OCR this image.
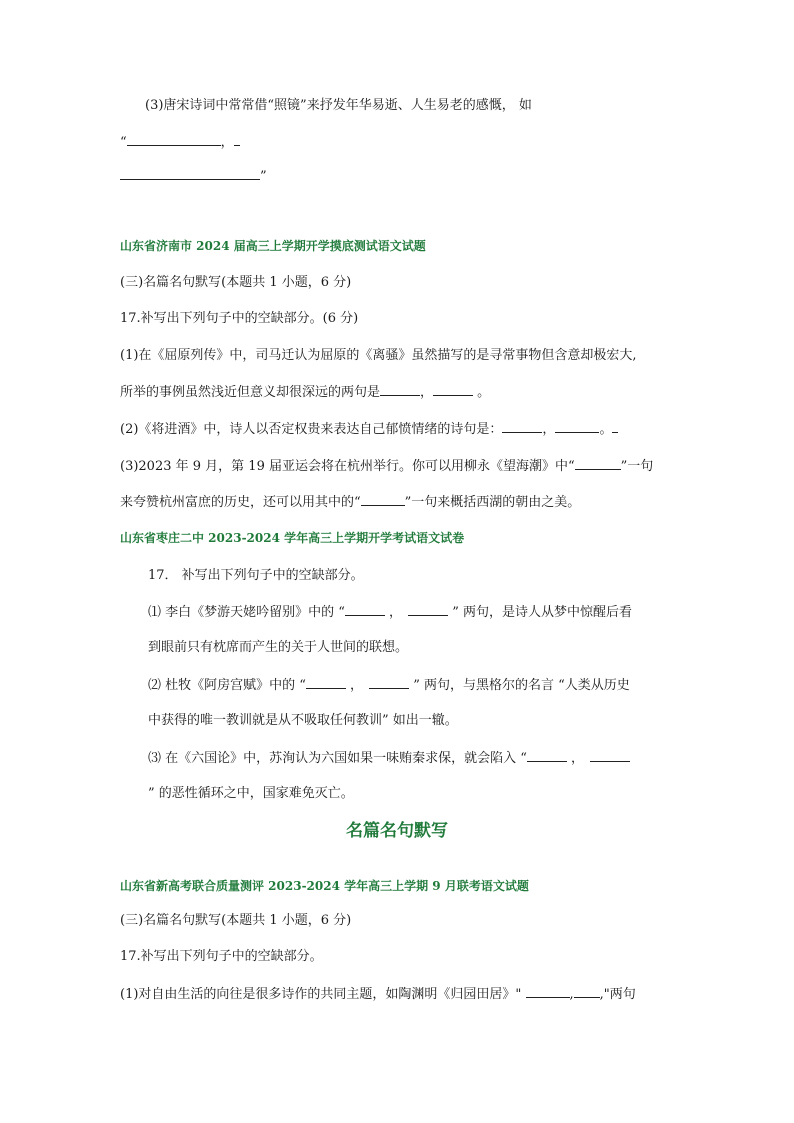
(3)唐宋诗词中常常借“照镜”来抒发年华易逝、人生易老的感慨， 如
“	，
”
山东省济南市 2024 届高三上学期开学摸底测试语文试题
(三)名篇名句默写(本题共 1 小题，6 分)
17.补写出下列句子中的空缺部分。(6 分)
(1)在《屈原列传》中，司马迁认为屈原的《离骚》虽然描写的是寻常事物但含意却极宏大,
所举的事例虽然浅近但意义却很深远的两句是	，	。
(2)《将进酒》中，诗人以否定权贵来表达自己郁愤情绪的诗句是：	，	。
(3)2023 年 9 月，第 19 届亚运会将在杭州举行。你可以用柳永《望海潮》中“	”一句
来夸赞杭州富庶的历史，还可以用其中的“	”一句来概括西湖的朝由之美。
山东省枣庄二中 2023-2024 学年高三上学期开学考试语文试卷
17． 补写出下列句子中的空缺部分。
⑴ 李白《梦游天姥吟留别》中的 “	，	” 两句，是诗人从梦中惊醒后看
到眼前只有枕席而产生的关于人世间的联想。
⑵ 杜牧《阿房宫赋》中的 “	，	” 两句，与黑格尔的名言 “人类从历史
中获得的唯一教训就是从不吸取任何教训” 如出一辙。
⑶ 在《六国论》中，苏洵认为六国如果一味贿秦求保，就会陷入 “	，
” 的恶性循环之中，国家难免灭亡。
名篇名句默写
山东省新高考联合质量测评 2023-2024 学年高三上学期 9 月联考语文试题
(三)名篇名句默写(本题共 1 小题，6 分)
17.补写出下列句子中的空缺部分。
(1)对自由生活的向往是很多诗作的共同主题，如陶渊明《归园田居》"	, ,"两句
